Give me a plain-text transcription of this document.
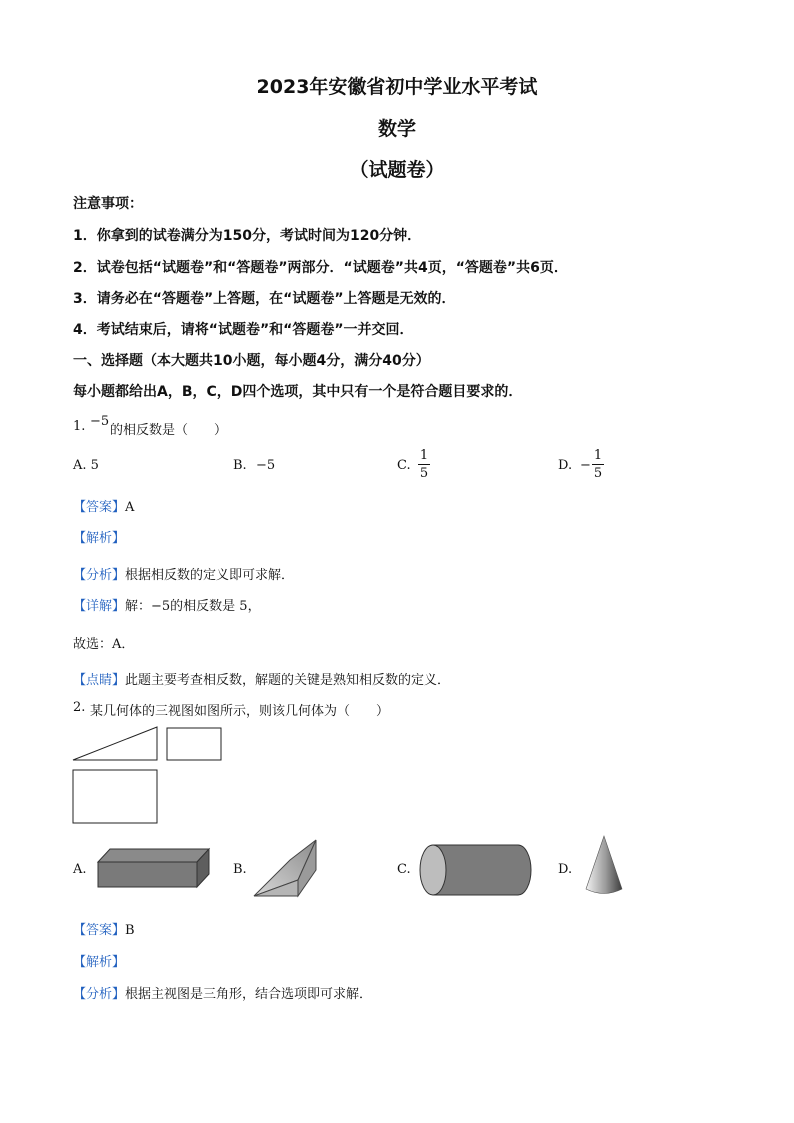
2023年安徽省初中学业水平考试
数学
（试题卷）
注意事项：
1．你拿到的试卷满分为150分，考试时间为120分钟．
2．试卷包括“试题卷”和“答题卷”两部分．“试题卷”共4页，“答题卷”共6页．
3．请务必在“答题卷”上答题，在“试题卷”上答题是无效的．
4．考试结束后，请将“试题卷”和“答题卷”一并交回．
一、选择题（本大题共10小题，每小题4分，满分40分）
每小题都给出A，B，C，D四个选项，其中只有一个是符合题目要求的．
1. −5
的相反数是（　　）
A. 5	B. −5	C.
1
5
D. −
1
5
【答案】A
【解析】
【分析】根据相反数的定义即可求解．
【详解】解：−5的相反数是 5，
故选：A．
【点睛】此题主要考查相反数，解题的关键是熟知相反数的定义．
2. 某几何体的三视图如图所示，则该几何体为（　　）
A.	B.	C.	D.
【答案】B
【解析】
【分析】根据主视图是三角形，结合选项即可求解．
